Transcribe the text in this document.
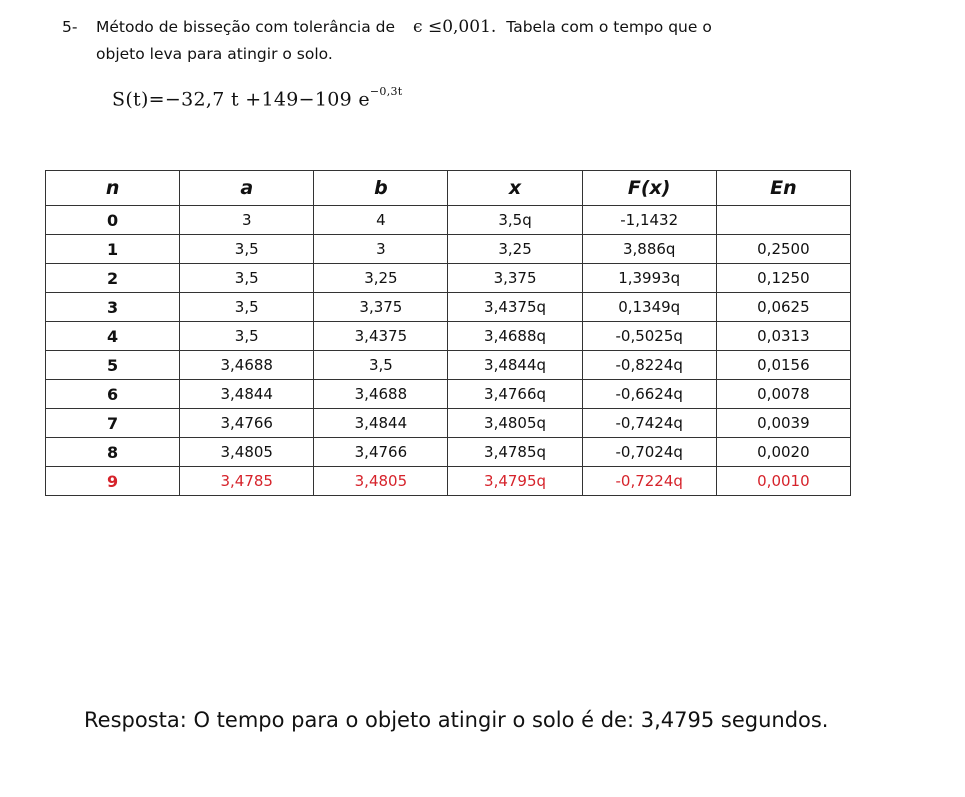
5- Método de bisseção com tolerância de ϵ ≤0,001. Tabela com o tempo que o
objeto leva para atingir o solo.
S(t)=−32,7 t +149−109 $e^{-0,3t}$
n	a	b	x	F(x)	En
0	3	4	3,5q	-1,1432	
1	3,5	3	3,25	3,886q	0,2500
2	3,5	3,25	3,375	1,3993q	0,1250
3	3,5	3,375	3,4375q	0,1349q	0,0625
4	3,5	3,4375	3,4688q	-0,5025q	0,0313
5	3,4688	3,5	3,4844q	-0,8224q	0,0156
6	3,4844	3,4688	3,4766q	-0,6624q	0,0078
7	3,4766	3,4844	3,4805q	-0,7424q	0,0039
8	3,4805	3,4766	3,4785q	-0,7024q	0,0020
9	3,4785	3,4805	3,4795q	-0,7224q	0,0010
Resposta: O tempo para o objeto atingir o solo é de: 3,4795 segundos.
